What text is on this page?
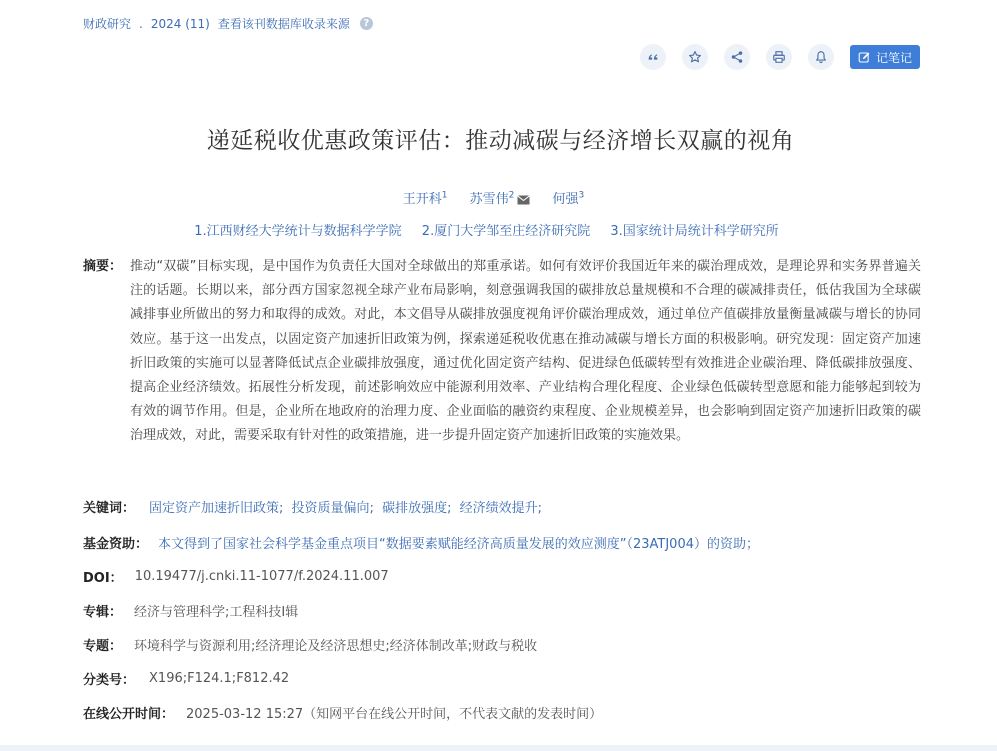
财政研究 . 2024 (11) 查看该刊数据库收录来源	?
记笔记
递延税收优惠政策评估：推动减碳与经济增长双赢的视角
王开科$^1$ 苏雪伟$^2$	何强$^3$
1.江西财经大学统计与数据科学学院 2.厦门大学邹至庄经济研究院 3.国家统计局统计科学研究所
摘要： 推动“双碳”目标实现，是中国作为负责任大国对全球做出的郑重承诺。如何有效评价我国近年来的碳治理成效，是理论界和实务界普遍关注的话题。长期以来，部分西方国家忽视全球产业布局影响，刻意强调我国的碳排放总量规模和不合理的碳减排责任，低估我国为全球碳减排事业所做出的努力和取得的成效。对此，本文倡导从碳排放强度视角评价碳治理成效，通过单位产值碳排放量衡量减碳与增长的协同效应。基于这一出发点，以固定资产加速折旧政策为例，探索递延税收优惠在推动减碳与增长方面的积极影响。研究发现：固定资产加速折旧政策的实施可以显著降低试点企业碳排放强度，通过优化固定资产结构、促进绿色低碳转型有效推进企业碳治理、降低碳排放强度、提高企业经济绩效。拓展性分析发现，前述影响效应中能源利用效率、产业结构合理化程度、企业绿色低碳转型意愿和能力能够起到较为有效的调节作用。但是，企业所在地政府的治理力度、企业面临的融资约束程度、企业规模差异，也会影响到固定资产加速折旧政策的碳治理成效，对此，需要采取有针对性的政策措施，进一步提升固定资产加速折旧政策的实施效果。
关键词： 固定资产加速折旧政策; 投资质量偏向; 碳排放强度; 经济绩效提升;
基金资助： 本文得到了国家社会科学基金重点项目“数据要素赋能经济高质量发展的效应测度”（23ATJ004）的资助；
DOI： 10.19477/j.cnki.11-1077/f.2024.11.007
专辑： 经济与管理科学;工程科技Ⅰ辑
专题： 环境科学与资源利用;经济理论及经济思想史;经济体制改革;财政与税收
分类号： X196;F124.1;F812.42
在线公开时间： 2025-03-12 15:27（知网平台在线公开时间，不代表文献的发表时间）
